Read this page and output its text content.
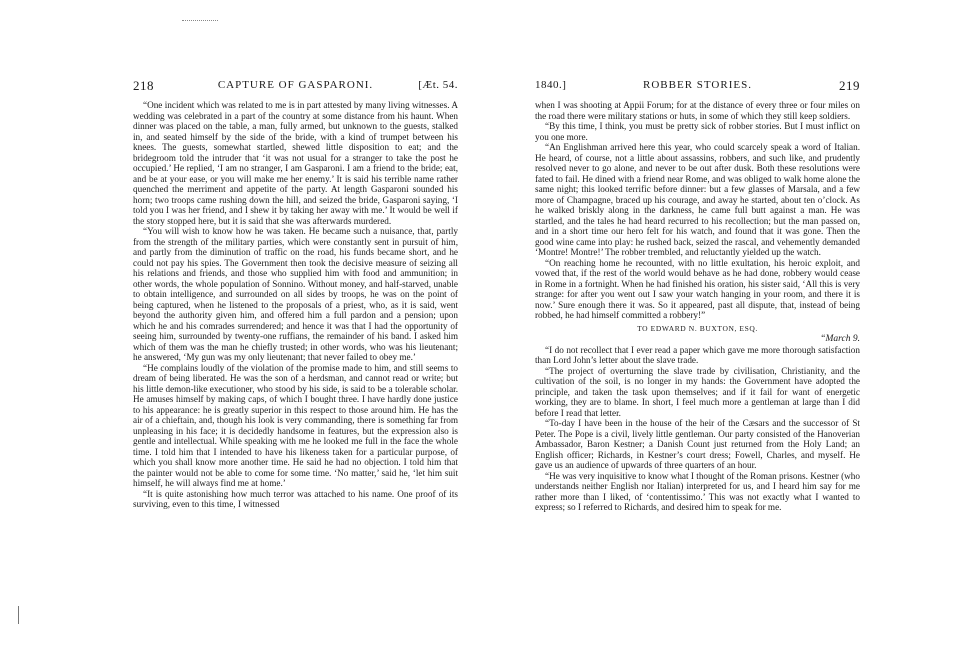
218	CAPTURE OF GASPARONI.	[Æt. 54.

“One incident which was related to me is in part attested by many living witnesses. A wedding was celebrated in a part of the country at some distance from his haunt. When dinner was placed on the table, a man, fully armed, but unknown to the guests, stalked in, and seated himself by the side of the bride, with a kind of trumpet between his knees. The guests, somewhat startled, shewed little disposition to eat; and the bridegroom told the intruder that ‘it was not usual for a stranger to take the post he occupied.’ He replied, ‘I am no stranger, I am Gasparoni. I am a friend to the bride; eat, and be at your ease, or you will make me her enemy.’ It is said his terrible name rather quenched the merriment and appetite of the party. At length Gasparoni sounded his horn; two troops came rushing down the hill, and seized the bride, Gasparoni saying, ‘I told you I was her friend, and I shew it by taking her away with me.’ It would be well if the story stopped here, but it is said that she was afterwards murdered.

“You will wish to know how he was taken. He became such a nuisance, that, partly from the strength of the military parties, which were constantly sent in pursuit of him, and partly from the diminution of traffic on the road, his funds became short, and he could not pay his spies. The Government then took the decisive measure of seizing all his relations and friends, and those who supplied him with food and ammunition; in other words, the whole population of Sonnino. Without money, and half-starved, unable to obtain intelligence, and surrounded on all sides by troops, he was on the point of being captured, when he listened to the proposals of a priest, who, as it is said, went beyond the authority given him, and offered him a full pardon and a pension; upon which he and his comrades surrendered; and hence it was that I had the opportunity of seeing him, surrounded by twenty-one ruffians, the remainder of his band. I asked him which of them was the man he chiefly trusted; in other words, who was his lieutenant; he answered, ‘My gun was my only lieutenant; that never failed to obey me.’

“He complains loudly of the violation of the promise made to him, and still seems to dream of being liberated. He was the son of a herdsman, and cannot read or write; but his little demon-like executioner, who stood by his side, is said to be a tolerable scholar. He amuses himself by making caps, of which I bought three. I have hardly done justice to his appearance: he is greatly superior in this respect to those around him. He has the air of a chieftain, and, though his look is very commanding, there is something far from unpleasing in his face; it is decidedly handsome in features, but the expression also is gentle and intellectual. While speaking with me he looked me full in the face the whole time. I told him that I intended to have his likeness taken for a particular purpose, of which you shall know more another time. He said he had no objection. I told him that the painter would not be able to come for some time. ‘No matter,’ said he, ‘let him suit himself, he will always find me at home.’

“It is quite astonishing how much terror was attached to his name. One proof of its surviving, even to this time, I witnessed

1840.]	ROBBER STORIES.	219

when I was shooting at Appii Forum; for at the distance of every three or four miles on the road there were military stations or huts, in some of which they still keep soldiers.

“By this time, I think, you must be pretty sick of robber stories. But I must inflict on you one more.

“An Englishman arrived here this year, who could scarcely speak a word of Italian. He heard, of course, not a little about assassins, robbers, and such like, and prudently resolved never to go alone, and never to be out after dusk. Both these resolutions were fated to fail. He dined with a friend near Rome, and was obliged to walk home alone the same night; this looked terrific before dinner: but a few glasses of Marsala, and a few more of Champagne, braced up his courage, and away he started, about ten o’clock. As he walked briskly along in the darkness, he came full butt against a man. He was startled, and the tales he had heard recurred to his recollection; but the man passed on, and in a short time our hero felt for his watch, and found that it was gone. Then the good wine came into play: he rushed back, seized the rascal, and vehemently demanded ‘Montre! Montre!’ The robber trembled, and reluctantly yielded up the watch.

“On reaching home he recounted, with no little exultation, his heroic exploit, and vowed that, if the rest of the world would behave as he had done, robbery would cease in Rome in a fortnight. When he had finished his oration, his sister said, ‘All this is very strange: for after you went out I saw your watch hanging in your room, and there it is now.’ Sure enough there it was. So it appeared, past all dispute, that, instead of being robbed, he had himself committed a robbery!”

TO EDWARD N. BUXTON, ESQ.
“March 9.

“I do not recollect that I ever read a paper which gave me more thorough satisfaction than Lord John’s letter about the slave trade.

“The project of overturning the slave trade by civilisation, Christianity, and the cultivation of the soil, is no longer in my hands: the Government have adopted the principle, and taken the task upon themselves; and if it fail for want of energetic working, they are to blame. In short, I feel much more a gentleman at large than I did before I read that letter.

“To-day I have been in the house of the heir of the Cæsars and the successor of St Peter. The Pope is a civil, lively little gentleman. Our party consisted of the Hanoverian Ambassador, Baron Kestner; a Danish Count just returned from the Holy Land; an English officer; Richards, in Kestner’s court dress; Fowell, Charles, and myself. He gave us an audience of upwards of three quarters of an hour.

“He was very inquisitive to know what I thought of the Roman prisons. Kestner (who understands neither English nor Italian) interpreted for us, and I heard him say for me rather more than I liked, of ‘contentissimo.’ This was not exactly what I wanted to express; so I referred to Richards, and desired him to speak for me.
